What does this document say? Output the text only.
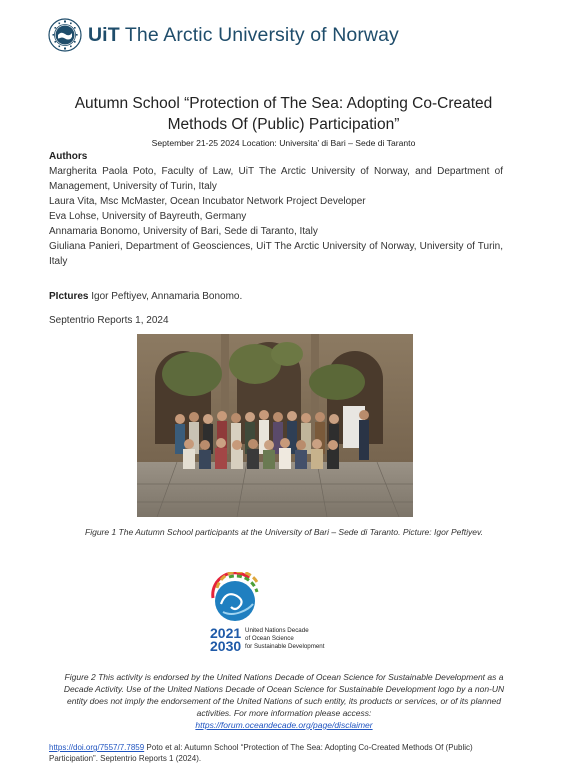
UiT The Arctic University of Norway
Autumn School “Protection of The Sea: Adopting Co-Created
Methods Of (Public) Participation”
September 21-25 2024 Location: Universita’ di Bari – Sede di Taranto
Authors

Margherita Paola Poto, Faculty of Law, UiT The Arctic University of Norway, and Department of Management, University of Turin, Italy

Laura Vita, Msc McMaster, Ocean Incubator Network Project Developer

Eva Lohse, University of Bayreuth, Germany

Annamaria Bonomo, University of Bari, Sede di Taranto, Italy

Giuliana Panieri, Department of Geosciences, UiT The Arctic University of Norway, University of Turin, Italy

PIctures Igor Peftiyev, Annamaria Bonomo.
Septentrio Reports 1, 2024
Figure 1 The Autumn School participants at the University of Bari – Sede di Taranto. Picture: Igor Peftiyev.
2021
2030
United Nations Decade
of Ocean Science
for Sustainable Development
Figure 2 This activity is endorsed by the United Nations Decade of Ocean Science for Sustainable Development as a Decade Activity. Use of the United Nations Decade of Ocean Science for Sustainable Development logo by a non-UN entity does not imply the endorsement of the United Nations of such entity, its products or services, or of its planned activities. For more information please access:
https://forum.oceandecade.org/page/disclaimer
https://doi.org/7557/7.7859 Poto et al: Autumn School “Protection of The Sea: Adopting Co-Created Methods Of (Public) Participation”. Septentrio Reports 1 (2024).
